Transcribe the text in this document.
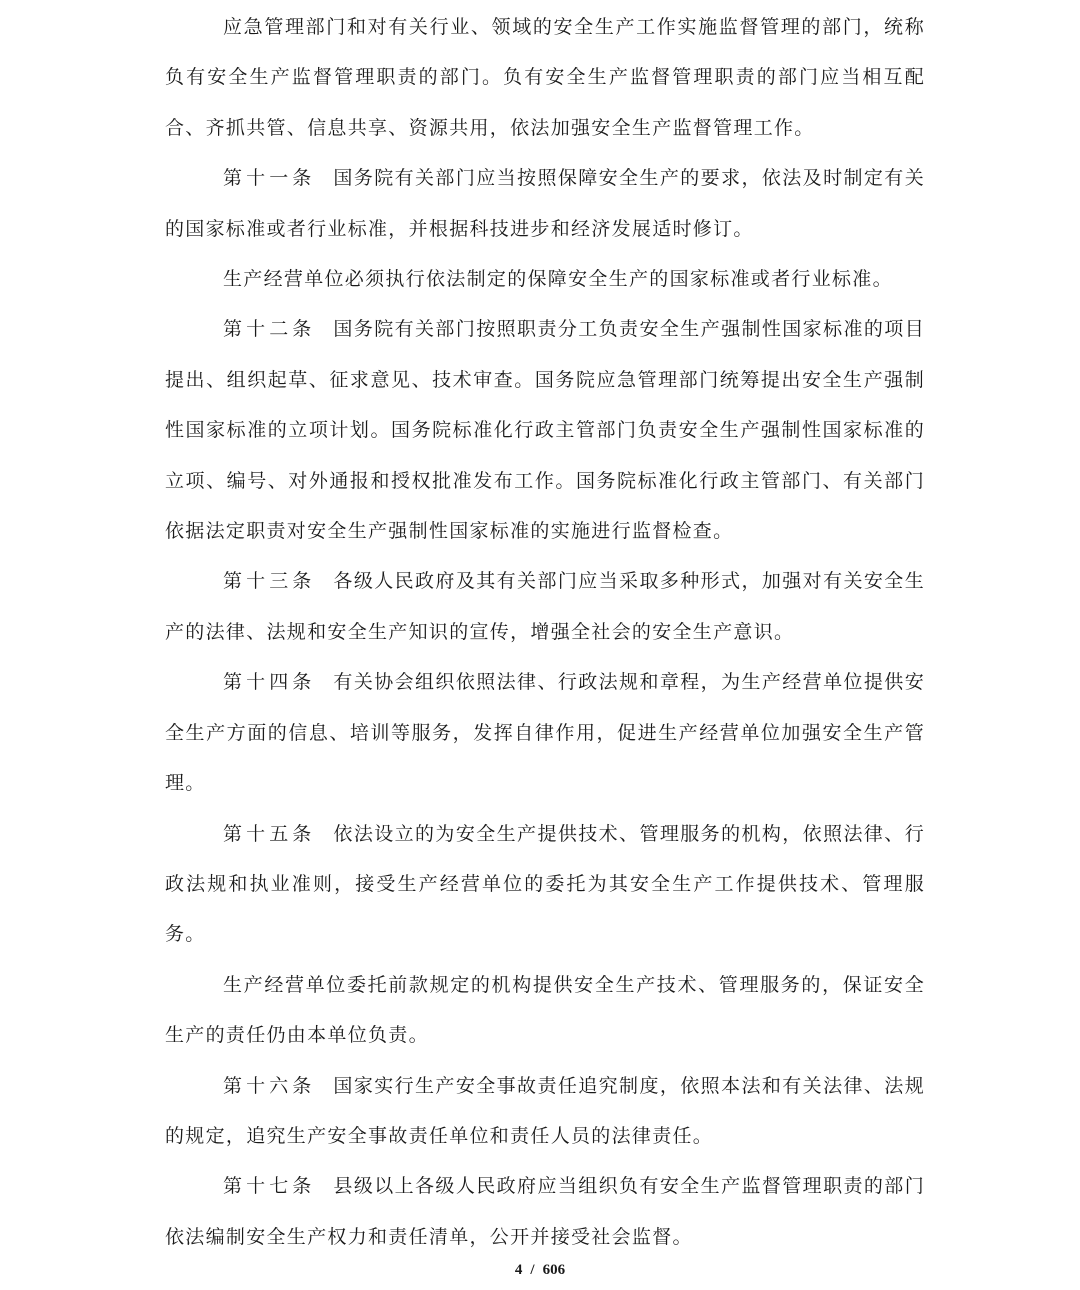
应急管理部门和对有关行业、领域的安全生产工作实施监督管理的部门，统称负有安全生产监督管理职责的部门。负有安全生产监督管理职责的部门应当相互配合、齐抓共管、信息共享、资源共用，依法加强安全生产监督管理工作。

第十一条 国务院有关部门应当按照保障安全生产的要求，依法及时制定有关的国家标准或者行业标准，并根据科技进步和经济发展适时修订。

生产经营单位必须执行依法制定的保障安全生产的国家标准或者行业标准。

第十二条 国务院有关部门按照职责分工负责安全生产强制性国家标准的项目提出、组织起草、征求意见、技术审查。国务院应急管理部门统筹提出安全生产强制性国家标准的立项计划。国务院标准化行政主管部门负责安全生产强制性国家标准的立项、编号、对外通报和授权批准发布工作。国务院标准化行政主管部门、有关部门依据法定职责对安全生产强制性国家标准的实施进行监督检查。

第十三条 各级人民政府及其有关部门应当采取多种形式，加强对有关安全生产的法律、法规和安全生产知识的宣传，增强全社会的安全生产意识。

第十四条 有关协会组织依照法律、行政法规和章程，为生产经营单位提供安全生产方面的信息、培训等服务，发挥自律作用，促进生产经营单位加强安全生产管理。

第十五条 依法设立的为安全生产提供技术、管理服务的机构，依照法律、行政法规和执业准则，接受生产经营单位的委托为其安全生产工作提供技术、管理服务。

生产经营单位委托前款规定的机构提供安全生产技术、管理服务的，保证安全生产的责任仍由本单位负责。

第十六条 国家实行生产安全事故责任追究制度，依照本法和有关法律、法规的规定，追究生产安全事故责任单位和责任人员的法律责任。

第十七条 县级以上各级人民政府应当组织负有安全生产监督管理职责的部门依法编制安全生产权力和责任清单，公开并接受社会监督。

4 / 606
